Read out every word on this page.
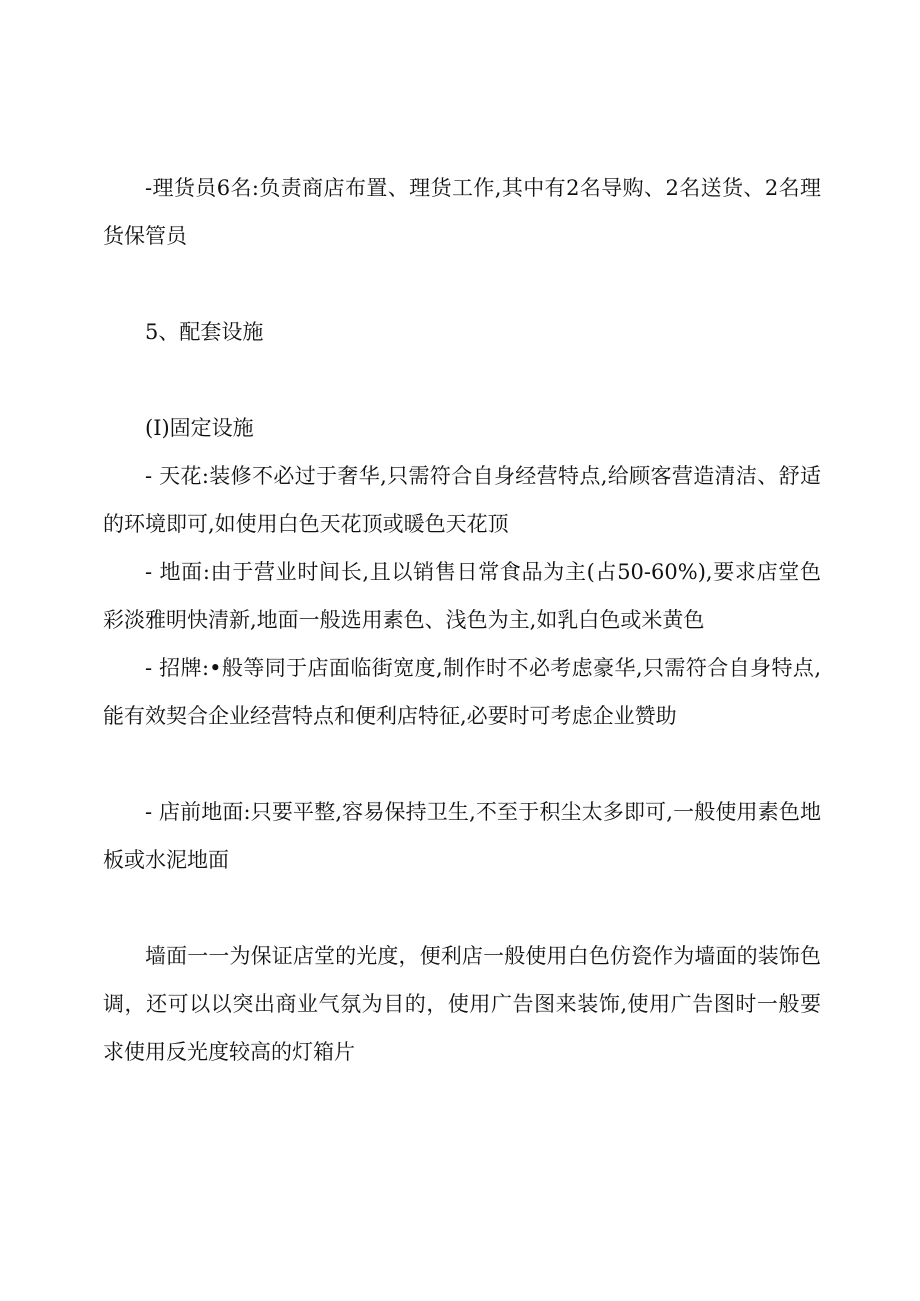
-理货员6名:负责商店布置、理货工作,其中有2名导购、2名送货、2名理货保管员

5、配套设施

(I)固定设施

- 天花:装修不必过于奢华,只需符合自身经营特点,给顾客营造清洁、舒适的环境即可,如使用白色天花顶或暖色天花顶

- 地面:由于营业时间长,且以销售日常食品为主(占50-60%),要求店堂色彩淡雅明快清新,地面一般选用素色、浅色为主,如乳白色或米黄色

- 招牌:•般等同于店面临街宽度,制作时不必考虑豪华,只需符合自身特点,能有效契合企业经营特点和便利店特征,必要时可考虑企业赞助

- 店前地面:只要平整,容易保持卫生,不至于积尘太多即可,一般使用素色地板或水泥地面

墙面一一为保证店堂的光度，便利店一般使用白色仿瓷作为墙面的装饰色调，还可以以突出商业气氛为目的，使用广告图来装饰,使用广告图时一般要求使用反光度较高的灯箱片
